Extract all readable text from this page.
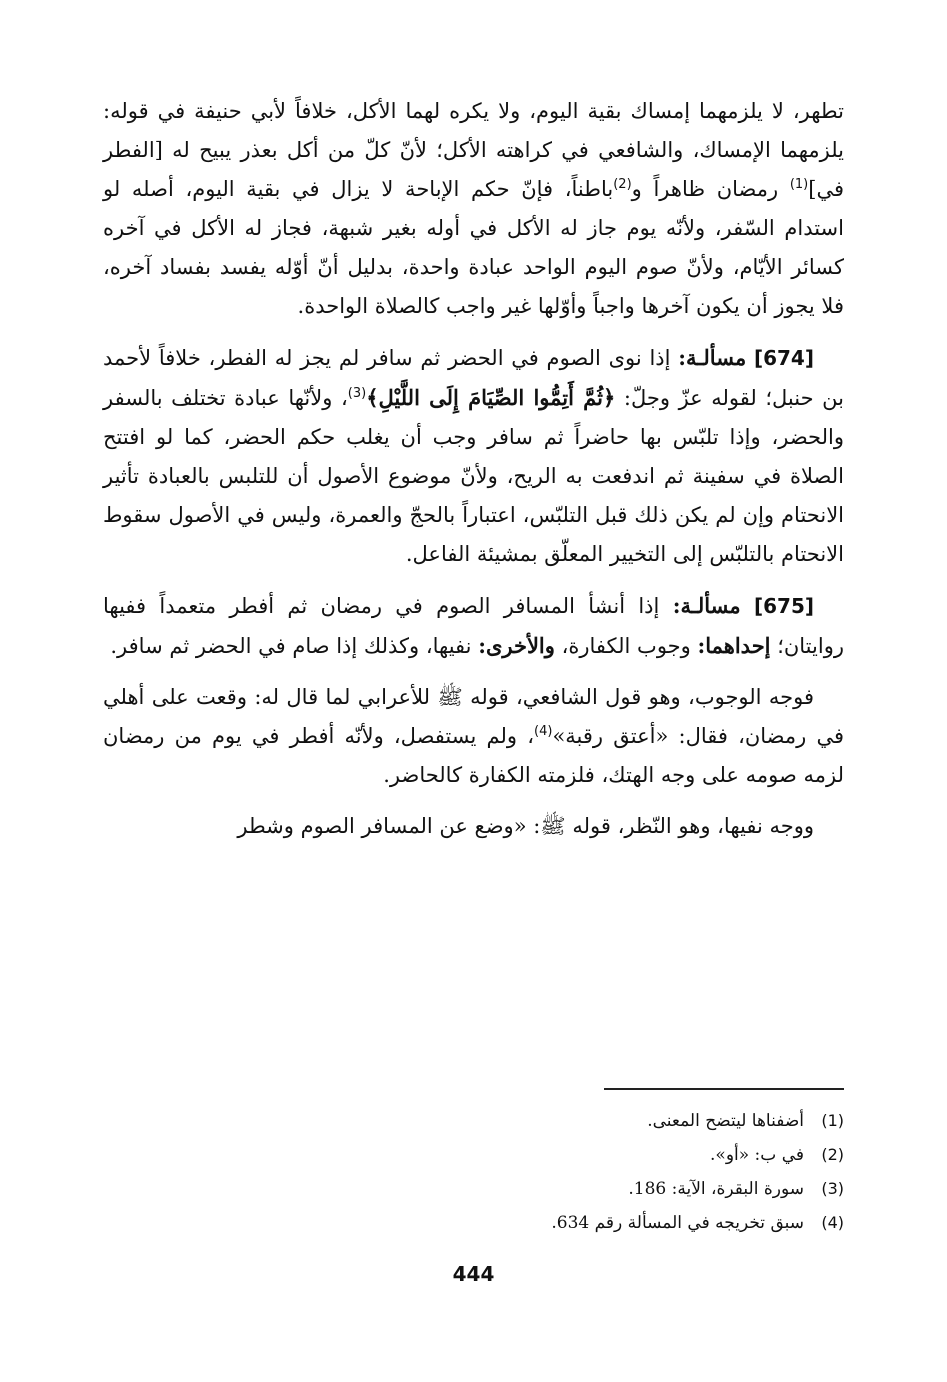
تطهر، لا يلزمهما إمساك بقية اليوم، ولا يكره لهما الأكل، خلافاً لأبي حنيفة في قوله: يلزمهما الإمساك، والشافعي في كراهته الأكل؛ لأنّ كلّ من أكل بعذر يبيح له [الفطر في]$^{(1)}$ رمضان ظاهراً و$^{(2)}$باطناً، فإنّ حكم الإباحة لا يزال في بقية اليوم، أصله لو استدام السّفر، ولأنّه يوم جاز له الأكل في أوله بغير شبهة، فجاز له الأكل في آخره كسائر الأيّام، ولأنّ صوم اليوم الواحد عبادة واحدة، بدليل أنّ أوّله يفسد بفساد آخره، فلا يجوز أن يكون آخرها واجباً وأوّلها غير واجب كالصلاة الواحدة.

[674] مسألـة: إذا نوى الصوم في الحضر ثم سافر لم يجز له الفطر، خلافاً لأحمد بن حنبل؛ لقوله عزّ وجلّ: ﴿ثُمَّ أَتِمُّوا الصِّيَامَ إِلَى اللَّيْلِ﴾$^{(3)}$، ولأنّها عبادة تختلف بالسفر والحضر، وإذا تلبّس بها حاضراً ثم سافر وجب أن يغلب حكم الحضر، كما لو افتتح الصلاة في سفينة ثم اندفعت به الريح، ولأنّ موضوع الأصول أن للتلبس بالعبادة تأثير الانحتام وإن لم يكن ذلك قبل التلبّس، اعتباراً بالحجّ والعمرة، وليس في الأصول سقوط الانحتام بالتلبّس إلى التخيير المعلّق بمشيئة الفاعل.

[675] مسألـة: إذا أنشأ المسافر الصوم في رمضان ثم أفطر متعمداً ففيها روايتان؛ إحداهما: وجوب الكفارة، والأخرى: نفيها، وكذلك إذا صام في الحضر ثم سافر.

فوجه الوجوب، وهو قول الشافعي، قوله ﷺ للأعرابي لما قال له: وقعت على أهلي في رمضان، فقال: «أعتق رقبة»$^{(4)}$، ولم يستفصل، ولأنّه أفطر في يوم من رمضان لزمه صومه على وجه الهتك، فلزمته الكفارة كالحاضر.

ووجه نفيها، وهو النّظر، قوله ﷺ: «وضع عن المسافر الصوم وشطر

(1)
أضفناها ليتضح المعنى.
(2)
في ب: «أو».
(3)
سورة البقرة، الآية: 186.
(4)
سبق تخريجه في المسألة رقم 634.
444
